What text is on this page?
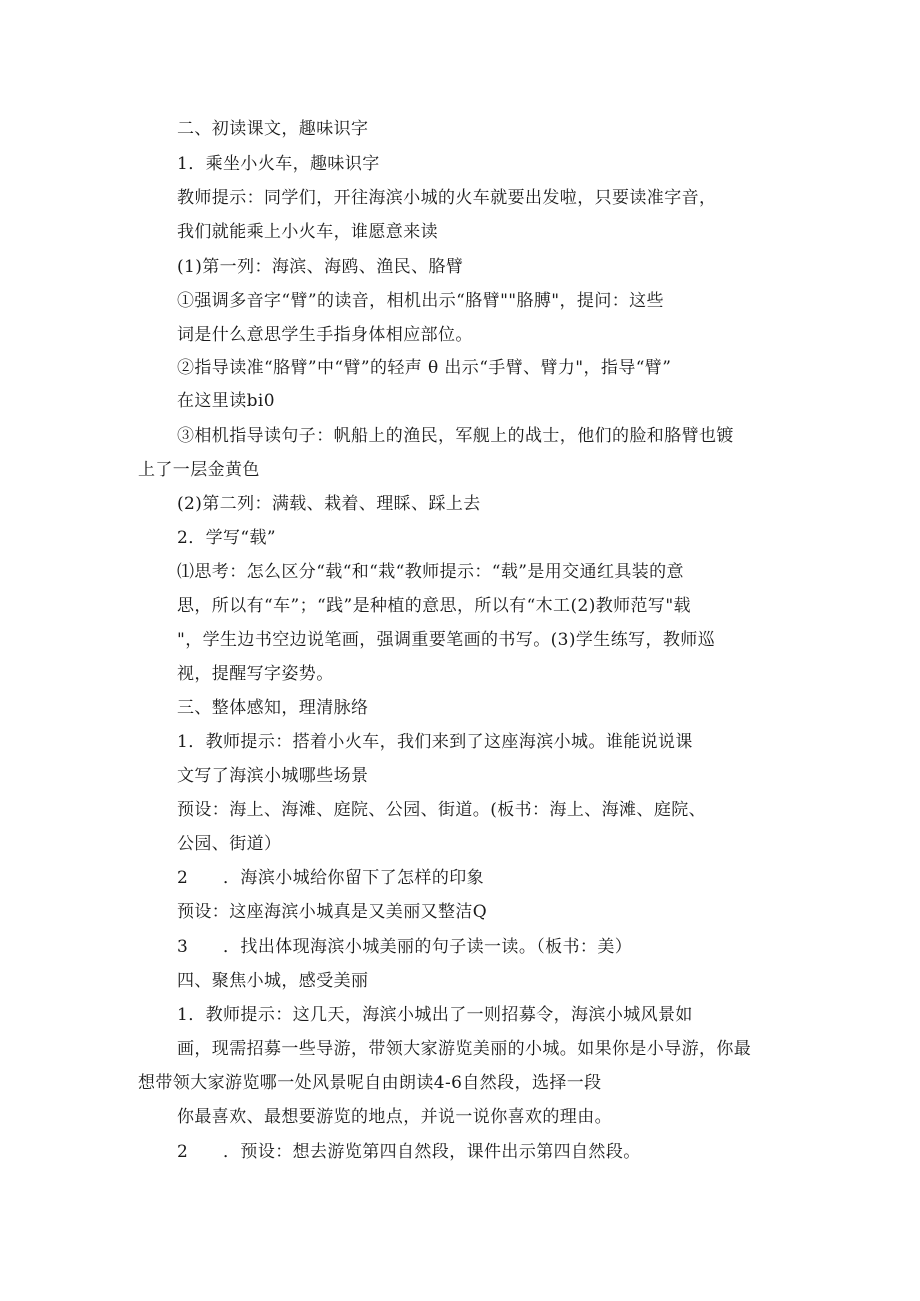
二、初读课文，趣味识字
1．乘坐小火车，趣味识字
教师提示：同学们，开往海滨小城的火车就要出发啦，只要读准字音，
我们就能乘上小火车，谁愿意来读
(1)第一列：海滨、海鸥、渔民、胳臂
①强调多音字“臂”的读音，相机出示“胳臂""胳膊"，提问：这些
词是什么意思学生手指身体相应部位。
②指导读准“胳臂”中“臂”的轻声 θ 出示“手臂、臂力"，指导“臂”
在这里读bi0
③相机指导读句子：帆船上的渔民，军舰上的战士，他们的脸和胳臂也镀
上了一层金黄色
(2)第二列：满载、栽着、理睬、踩上去
2．学写“载”
⑴思考：怎么区分“载“和“栽“教师提示：“载”是用交通红具装的意
思，所以有“车”；“践”是种植的意思，所以有“木工(2)教师范写"载
"，学生边书空边说笔画，强调重要笔画的书写。(3)学生练写，教师巡
视，提醒写字姿势。
三、整体感知，理清脉络
1．教师提示：搭着小火车，我们来到了这座海滨小城。谁能说说课
文写了海滨小城哪些场景
预设：海上、海滩、庭院、公园、街道。(板书：海上、海滩、庭院、
公园、街道）
2　　．海滨小城给你留下了怎样的印象
预设：这座海滨小城真是又美丽又整洁Q
3　　．找出体现海滨小城美丽的句子读一读。（板书：美）
四、聚焦小城，感受美丽
1．教师提示：这几天，海滨小城出了一则招募令，海滨小城风景如
画，现需招募一些导游，带领大家游览美丽的小城。如果你是小导游，你最
想带领大家游览哪一处风景呢自由朗读4-6自然段，选择一段
你最喜欢、最想要游览的地点，并说一说你喜欢的理由。
2　　．预设：想去游览第四自然段，课件出示第四自然段。
